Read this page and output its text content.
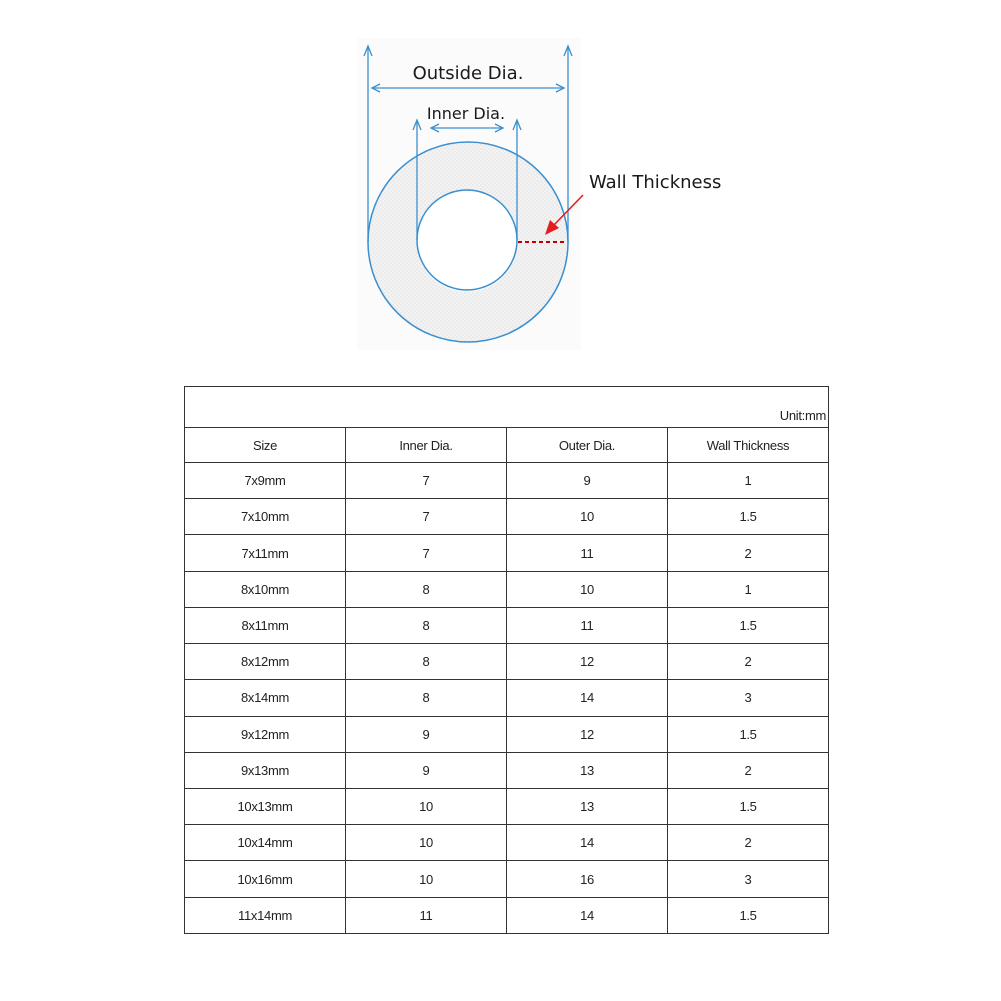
Outside Dia.
Inner Dia.
Wall Thickness
Unit:mm			
Size	Inner Dia.	Outer Dia.	Wall Thickness
7x9mm	7	9	1
7x10mm	7	10	1.5
7x11mm	7	11	2
8x10mm	8	10	1
8x11mm	8	11	1.5
8x12mm	8	12	2
8x14mm	8	14	3
9x12mm	9	12	1.5
9x13mm	9	13	2
10x13mm	10	13	1.5
10x14mm	10	14	2
10x16mm	10	16	3
11x14mm	11	14	1.5
